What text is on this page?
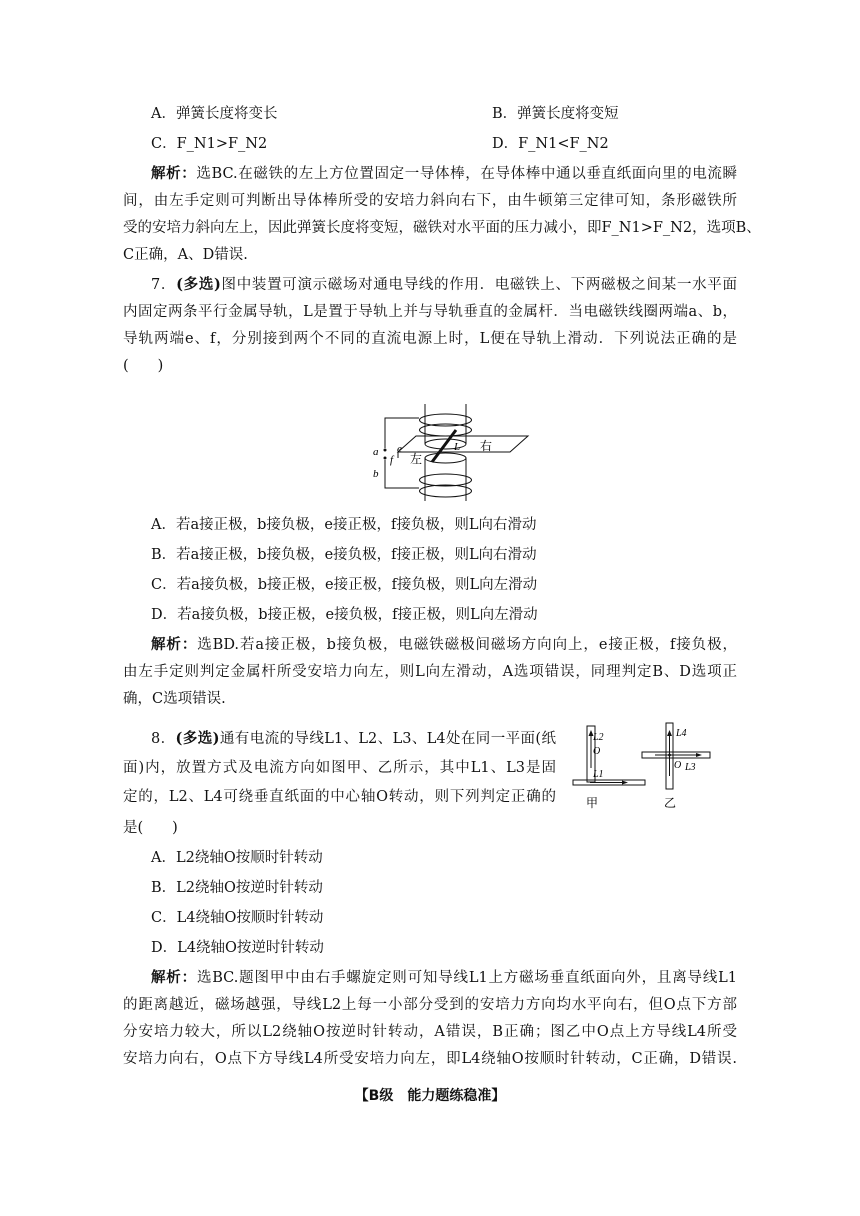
A．弹簧长度将变长	B．弹簧长度将变短
C．F_N1>F_N2	D．F_N1<F_N2
解析：选BC.在磁铁的左上方位置固定一导体棒，在导体棒中通以垂直纸面向里的电流瞬
间，由左手定则可判断出导体棒所受的安培力斜向右下，由牛顿第三定律可知，条形磁铁所
受的安培力斜向左上，因此弹簧长度将变短，磁铁对水平面的压力减小，即F_N1>F_N2，选项B、
C正确，A、D错误.
7．(多选)图中装置可演示磁场对通电导线的作用．电磁铁上、下两磁极之间某一水平面
内固定两条平行金属导轨，L是置于导轨上并与导轨垂直的金属杆．当电磁铁线圈两端a、b，
导轨两端e、f，分别接到两个不同的直流电源上时，L便在导轨上滑动．下列说法正确的是
(　　)
a
b
e
f 左
L 右
A．若a接正极，b接负极，e接正极，f接负极，则L向右滑动
B．若a接正极，b接负极，e接负极，f接正极，则L向右滑动
C．若a接负极，b接正极，e接正极，f接负极，则L向左滑动
D．若a接负极，b接正极，e接负极，f接正极，则L向左滑动
解析：选BD.若a接正极，b接负极，电磁铁磁极间磁场方向向上，e接正极，f接负极，
由左手定则判定金属杆所受安培力向左，则L向左滑动，A选项错误，同理判定B、D选项正
确，C选项错误.
8．(多选)通有电流的导线L1、L2、L3、L4处在同一平面(纸
面)内，放置方式及电流方向如图甲、乙所示，其中L1、L3是固
定的，L2、L4可绕垂直纸面的中心轴O转动，则下列判定正确的
是(　　)
L2
O
L1
L4
O L3
甲	乙
A．L2绕轴O按顺时针转动
B．L2绕轴O按逆时针转动
C．L4绕轴O按顺时针转动
D．L4绕轴O按逆时针转动
解析：选BC.题图甲中由右手螺旋定则可知导线L1上方磁场垂直纸面向外，且离导线L1
的距离越近，磁场越强，导线L2上每一小部分受到的安培力方向均水平向右，但O点下方部
分安培力较大，所以L2绕轴O按逆时针转动，A错误，B正确；图乙中O点上方导线L4所受
安培力向右，O点下方导线L4所受安培力向左，即L4绕轴O按顺时针转动，C正确，D错误.
【B级　能力题练稳准】
